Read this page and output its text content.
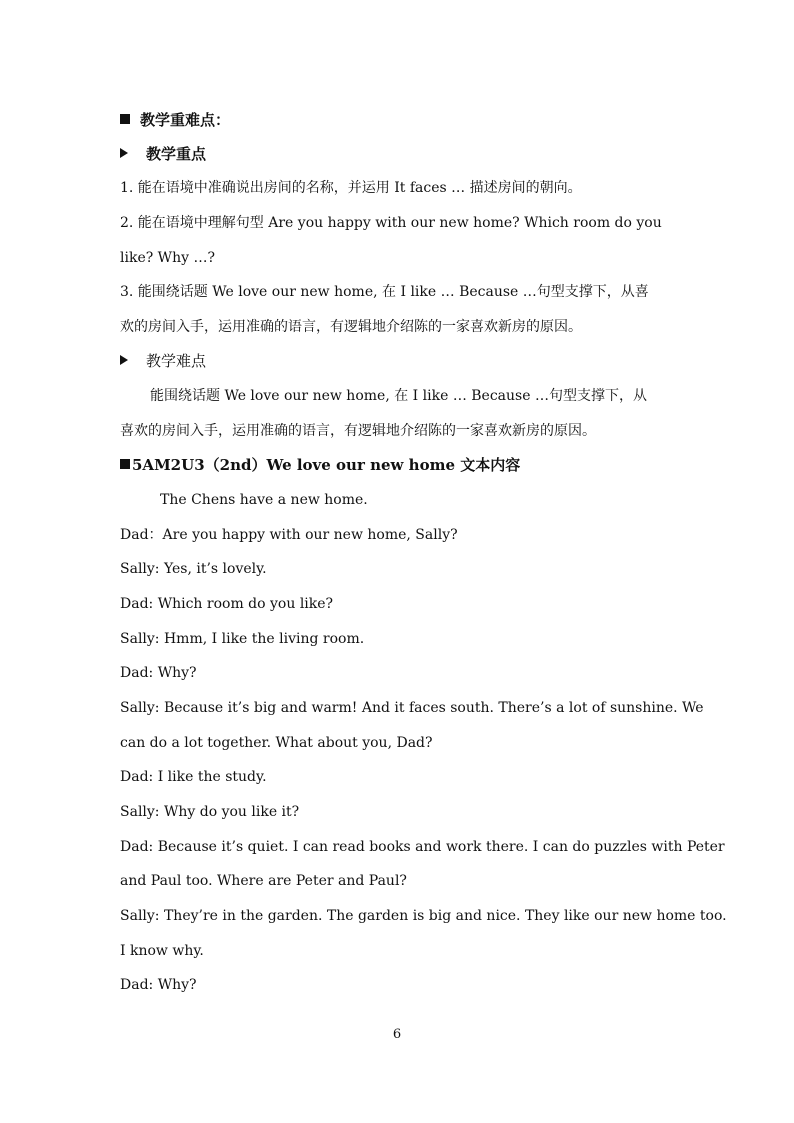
教学重难点：
教学重点
1. 能在语境中准确说出房间的名称，并运用 It faces … 描述房间的朝向。
2. 能在语境中理解句型 Are you happy with our new home? Which room do you
like? Why …?
3. 能围绕话题 We love our new home, 在 I like … Because …句型支撑下，从喜
欢的房间入手，运用准确的语言，有逻辑地介绍陈的一家喜欢新房的原因。
教学难点
能围绕话题 We love our new home, 在 I like … Because …句型支撑下，从
喜欢的房间入手，运用准确的语言，有逻辑地介绍陈的一家喜欢新房的原因。
5AM2U3（2nd）We love our new home 文本内容
The Chens have a new home.
Dad：Are you happy with our new home, Sally?
Sally: Yes, it’s lovely.
Dad: Which room do you like?
Sally: Hmm, I like the living room.
Dad: Why?
Sally: Because it’s big and warm! And it faces south. There’s a lot of sunshine. We
can do a lot together. What about you, Dad?
Dad: I like the study.
Sally: Why do you like it?
Dad: Because it’s quiet. I can read books and work there. I can do puzzles with Peter
and Paul too. Where are Peter and Paul?
Sally: They’re in the garden. The garden is big and nice. They like our new home too.
I know why.
Dad: Why?
6
